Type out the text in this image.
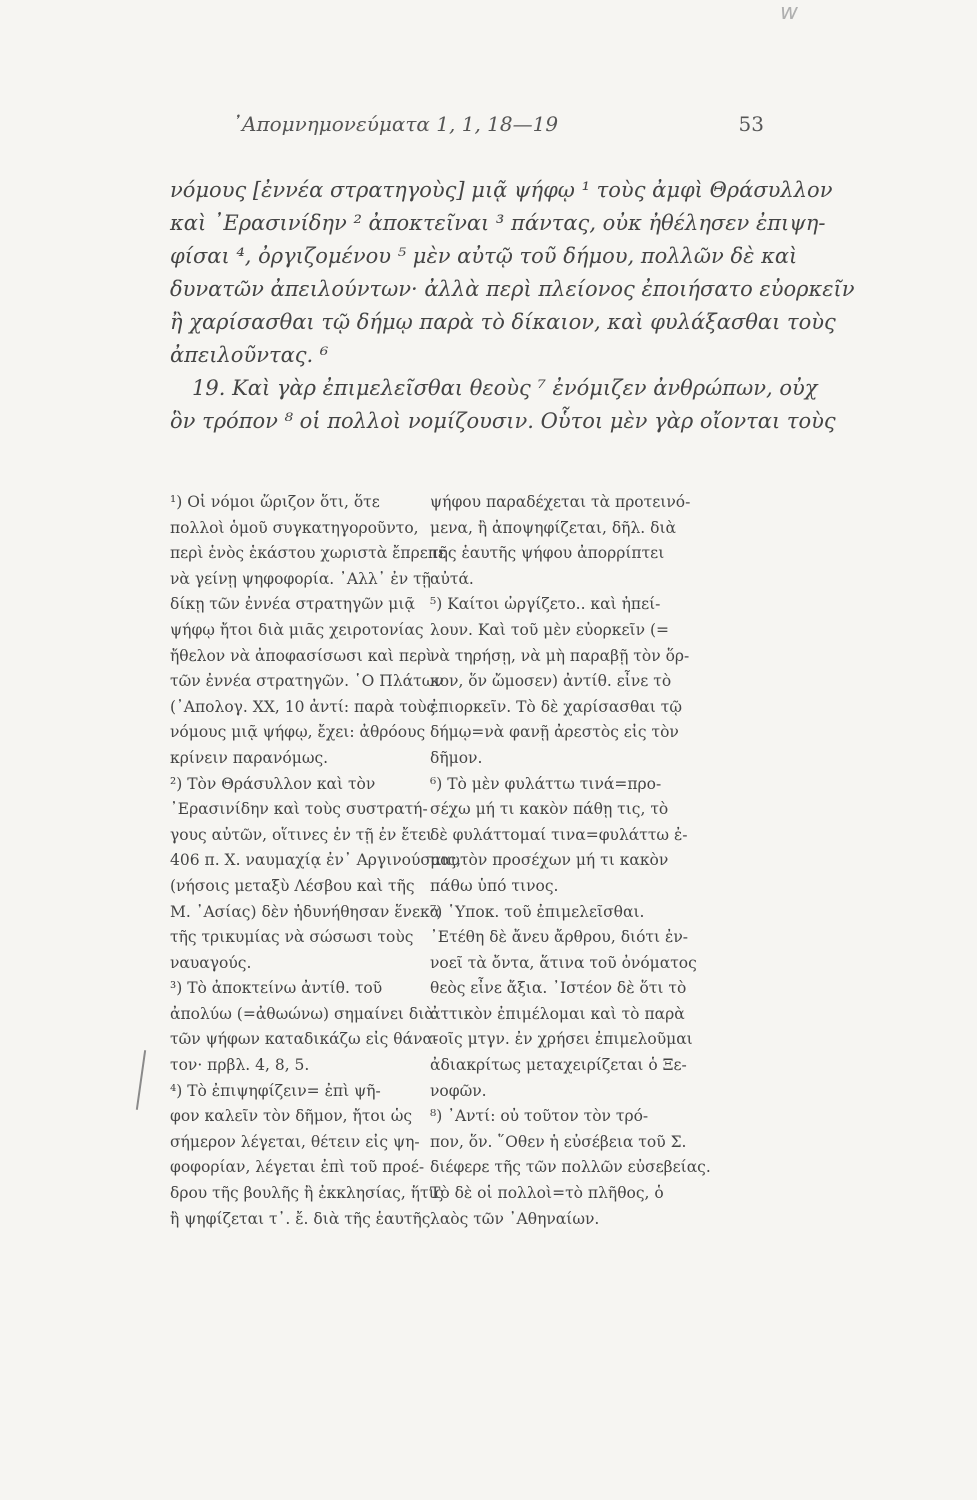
w
᾿Απομνημονεύματα 1, 1, 18—19	53
νόμους [ἐννέα στρατηγοὺς] μιᾷ ψήφῳ ¹ τοὺς ἀμφὶ Θράσυλλον
καὶ ᾿Ερασινίδην ² ἀποκτεῖναι ³ πάντας, οὐκ ἠθέλησεν ἐπιψη-
φίσαι ⁴, ὀργιζομένου ⁵ μὲν αὐτῷ τοῦ δήμου, πολλῶν δὲ καὶ
δυνατῶν ἀπειλούντων· ἀλλὰ περὶ πλείονος ἐποιήσατο εὐορκεῖν
ἢ χαρίσασθαι τῷ δήμῳ παρὰ τὸ δίκαιον, καὶ φυλάξασθαι τοὺς
ἀπειλοῦντας. ⁶
19. Καὶ γὰρ ἐπιμελεῖσθαι θεοὺς ⁷ ἐνόμιζεν ἀνθρώπων, οὐχ
ὃν τρόπον ⁸ οἱ πολλοὶ νομίζουσιν. Οὗτοι μὲν γὰρ οἴονται τοὺς
¹) Οἱ νόμοι ὥριζον ὅτι, ὅτε
πολλοὶ ὁμοῦ συγκατηγοροῦντο,
περὶ ἑνὸς ἑκάστου χωριστὰ ἔπρεπε
νὰ γείνῃ ψηφοφορία. ᾿Αλλ᾿ ἐν τῇ
δίκῃ τῶν ἐννέα στρατηγῶν μιᾷ
ψήφῳ ἤτοι διὰ μιᾶς χειροτονίας
ἤθελον νὰ ἀποφασίσωσι καὶ περὶ
τῶν ἐννέα στρατηγῶν. ῾Ο Πλάτων
(᾿Απολογ. XX, 10 ἀντί: παρὰ τοὺς
νόμους μιᾷ ψήφῳ, ἔχει: ἀθρόους
κρίνειν παρανόμως.
²) Τὸν Θράσυλλον καὶ τὸν
᾿Ερασινίδην καὶ τοὺς συστρατή-
γους αὐτῶν, οἵτινες ἐν τῇ ἐν ἔτει
406 π. Χ. ναυμαχίᾳ ἐν᾿ Αργινούσαις,
(νήσοις μεταξὺ Λέσβου καὶ τῆς
Μ. ᾿Ασίας) δὲν ἠδυνήθησαν ἕνεκα
τῆς τρικυμίας νὰ σώσωσι τοὺς
ναυαγούς.
³) Τὸ ἀποκτείνω ἀντίθ. τοῦ
ἀπολύω (=ἀθωώνω) σημαίνει διὰ
τῶν ψήφων καταδικάζω εἰς θάνα-
τον· πρβλ. 4, 8, 5.
⁴) Τὸ ἐπιψηφίζειν= ἐπὶ ψῆ-
φον καλεῖν τὸν δῆμον, ἤτοι ὡς
σήμερον λέγεται, θέτειν εἰς ψη-
φοφορίαν, λέγεται ἐπὶ τοῦ προέ-
δρου τῆς βουλῆς ἢ ἐκκλησίας, ἥτις
ἢ ψηφίζεται τ᾿. ἔ. διὰ τῆς ἑαυτῆς
ψήφου παραδέχεται τὰ προτεινό-
μενα, ἢ ἀποψηφίζεται, δῆλ. διὰ
τῆς ἑαυτῆς ψήφου ἀπορρίπτει
αὐτά.
⁵) Καίτοι ὠργίζετο.. καὶ ἠπεί-
λουν. Καὶ τοῦ μὲν εὐορκεῖν (=
νὰ τηρήσῃ, νὰ μὴ παραβῇ τὸν ὅρ-
κον, ὅν ὤμοσεν) ἀντίθ. εἶνε τὸ
ἐπιορκεῖν. Τὸ δὲ χαρίσασθαι τῷ
δήμῳ=νὰ φανῇ ἀρεστὸς εἰς τὸν
δῆμον.
⁶) Τὸ μὲν φυλάττω τινά=προ-
σέχω μή τι κακὸν πάθῃ τις, τὸ
δὲ φυλάττομαί τινα=φυλάττω ἐ-
μαυτὸν προσέχων μή τι κακὸν
πάθω ὑπό τινος.
⁷) ῾Υποκ. τοῦ ἐπιμελεῖσθαι.
᾿Ετέθη δὲ ἄνευ ἄρθρου, διότι ἐν-
νοεῖ τὰ ὄντα, ἅτινα τοῦ ὀνόματος
θεὸς εἶνε ἄξια. ᾿Ιστέον δὲ ὅτι τὸ
ἀττικὸν ἐπιμέλομαι καὶ τὸ παρὰ
τοῖς μτγν. ἐν χρήσει ἐπιμελοῦμαι
ἀδιακρίτως μεταχειρίζεται ὁ Ξε-
νοφῶν.
⁸) ᾿Αντί: οὐ τοῦτον τὸν τρό-
πον, ὅν. ῞Οθεν ἡ εὐσέβεια τοῦ Σ.
διέφερε τῆς τῶν πολλῶν εὐσεβείας.
Τὸ δὲ οἱ πολλοὶ=τὸ πλῆθος, ὁ
λαὸς τῶν ᾿Αθηναίων.
